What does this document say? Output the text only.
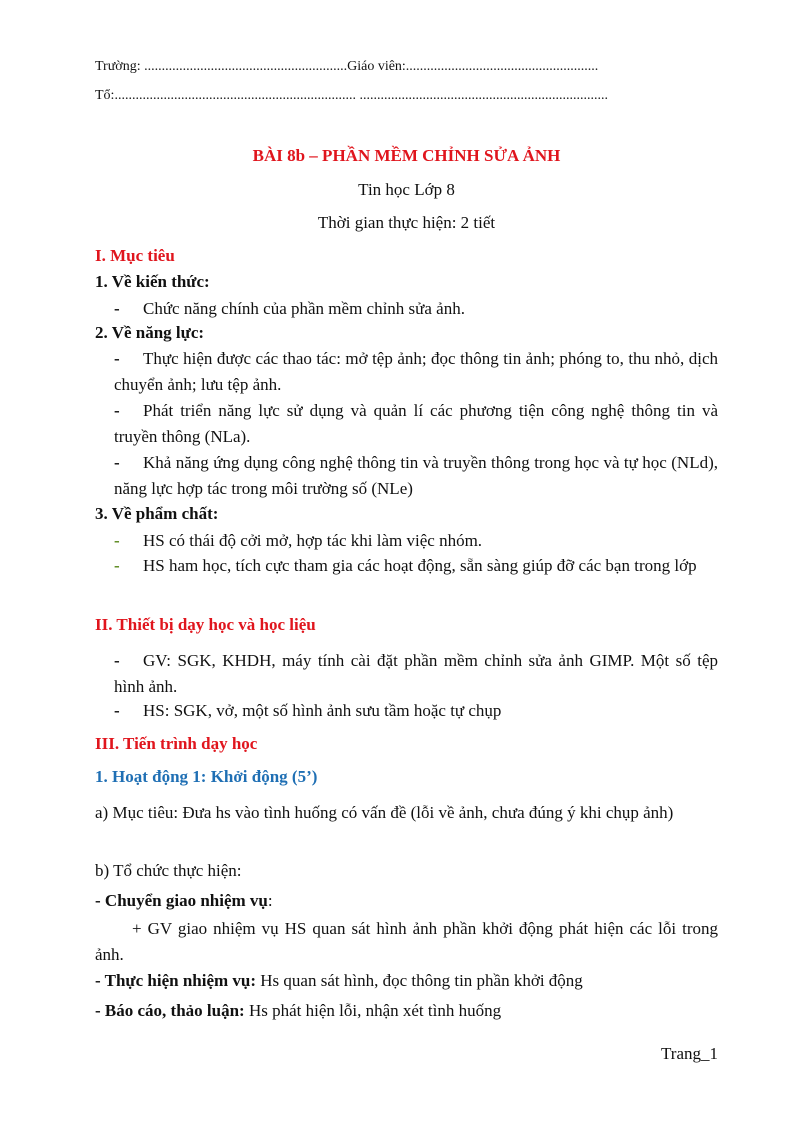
Trường: ..........................................................Giáo viên:.......................................................
Tổ:..................................................................... .......................................................................
BÀI 8b – PHẦN MỀM CHỈNH SỬA ẢNH
Tin học Lớp 8
Thời gian thực hiện: 2 tiết
I. Mục tiêu
1. Về kiến thức:
- Chức năng chính của phần mềm chỉnh sửa ảnh.
2. Về năng lực:
- Thực hiện được các thao tác: mở tệp ảnh; đọc thông tin ảnh; phóng to, thu nhỏ, dịch chuyển ảnh; lưu tệp ảnh.
- Phát triển năng lực sử dụng và quản lí các phương tiện công nghệ thông tin và truyền thông (NLa).
- Khả năng ứng dụng công nghệ thông tin và truyền thông trong học và tự học (NLd), năng lực hợp tác trong môi trường số (NLe)
3. Về phẩm chất:
- HS có thái độ cởi mở, hợp tác khi làm việc nhóm.
- HS ham học, tích cực tham gia các hoạt động, sẵn sàng giúp đỡ các bạn trong lớp
II. Thiết bị dạy học và học liệu
- GV: SGK, KHDH, máy tính cài đặt phần mềm chỉnh sửa ảnh GIMP. Một số tệp hình ảnh.
- HS: SGK, vở, một số hình ảnh sưu tầm hoặc tự chụp
III. Tiến trình dạy học
1. Hoạt động 1: Khởi động (5’)
a) Mục tiêu: Đưa hs vào tình huống có vấn đề (lỗi về ảnh, chưa đúng ý khi chụp ảnh)
b) Tổ chức thực hiện:
- Chuyển giao nhiệm vụ:
+ GV giao nhiệm vụ HS quan sát hình ảnh phần khởi động phát hiện các lỗi trong ảnh.
- Thực hiện nhiệm vụ: Hs quan sát hình, đọc thông tin phần khởi động
- Báo cáo, thảo luận: Hs phát hiện lỗi, nhận xét tình huống
Trang_1
